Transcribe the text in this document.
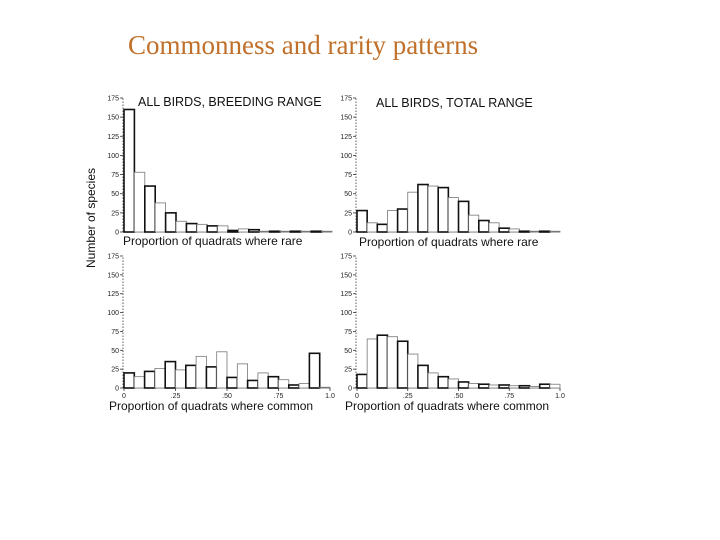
Commonness and rarity patterns
Number of species 0
25
50
75
100
125
150
175 ALL BIRDS, BREEDING RANGE
Proportion of quadrats where rare
0
25
50
75
100
125
150
175 ALL BIRDS, TOTAL RANGE
Proportion of quadrats where rare
0
25
50
75
100
125
150
175
0	.25	.50	.75	1.0
Proportion of quadrats where common
0
25
50
75
100
125
150
175
0	.25	.50	.75	1.0
Proportion of quadrats where common
